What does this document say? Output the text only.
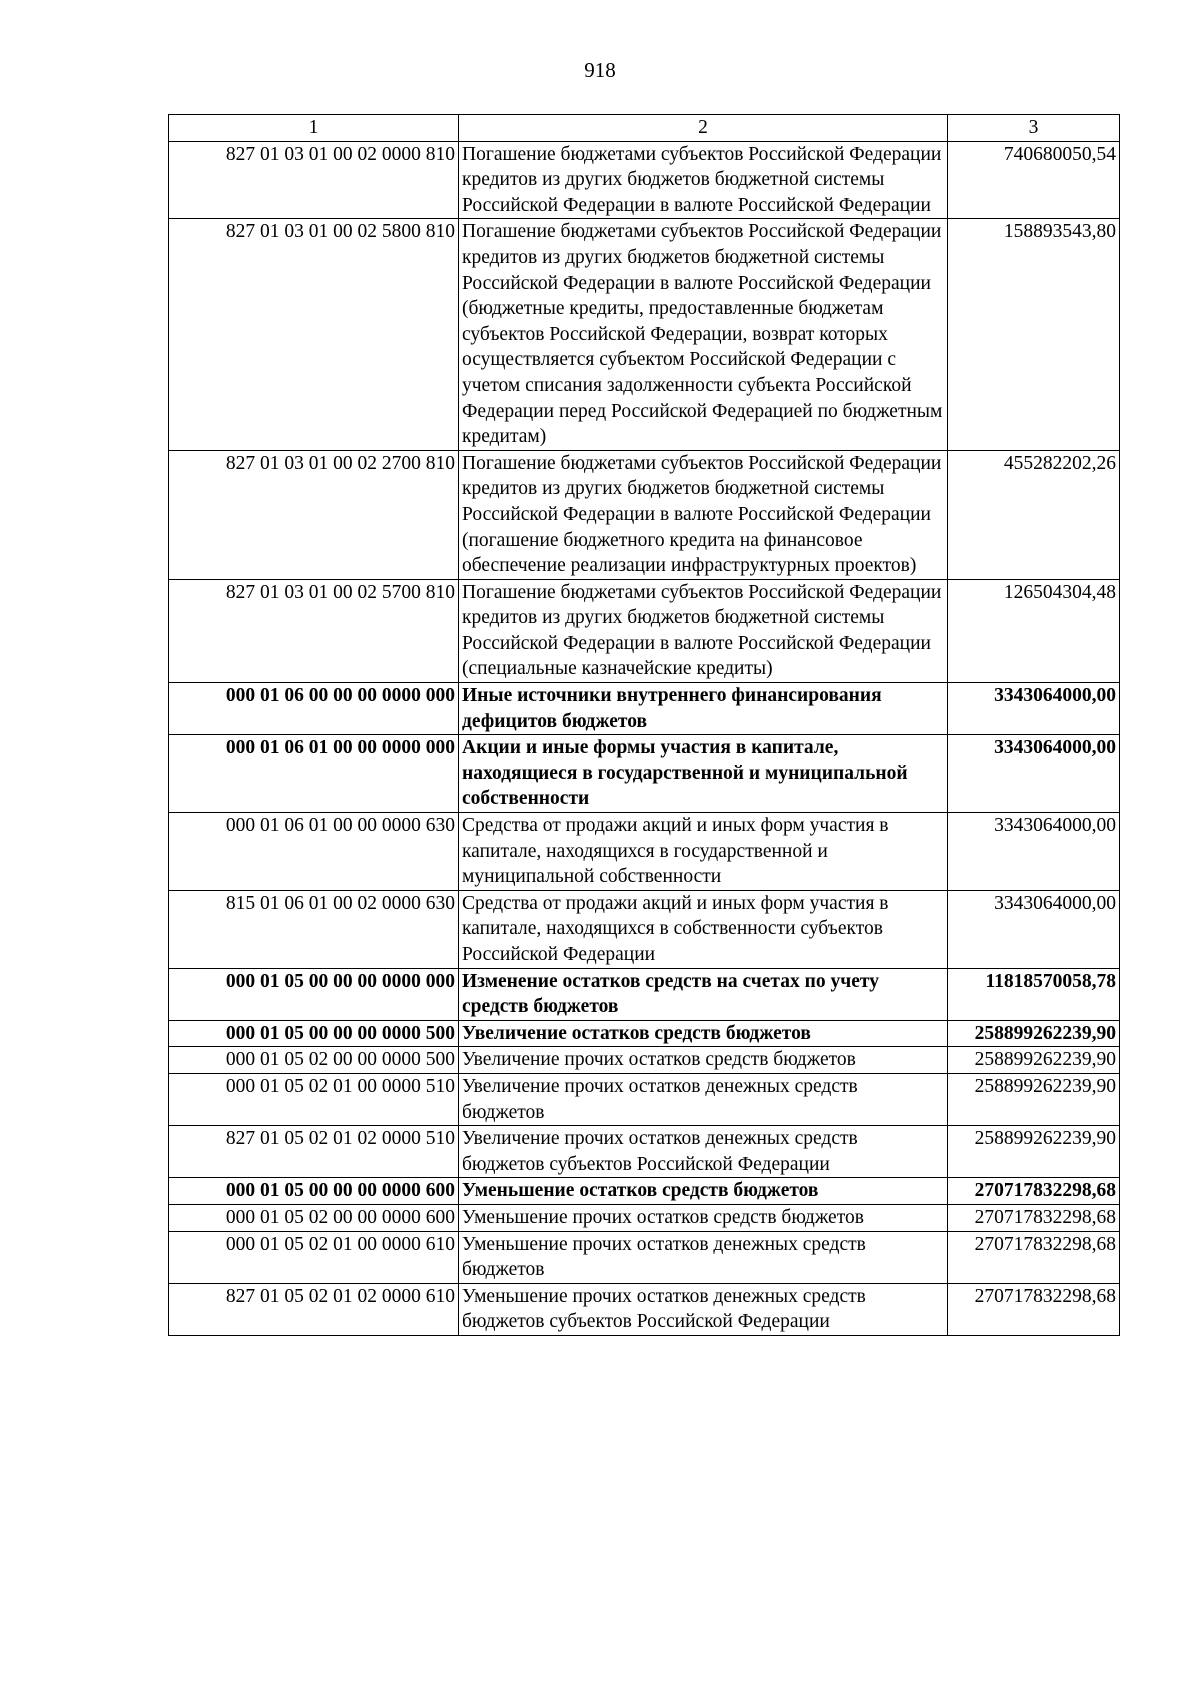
918
1	2	3
827 01 03 01 00 02 0000 810	Погашение бюджетами субъектов Российской Федерации кредитов из других бюджетов бюджетной системы Российской Федерации в валюте Российской Федерации	740680050,54
827 01 03 01 00 02 5800 810	Погашение бюджетами субъектов Российской Федерации кредитов из других бюджетов бюджетной системы Российской Федерации в валюте Российской Федерации (бюджетные кредиты, предоставленные бюджетам субъектов Российской Федерации, возврат которых осуществляется субъектом Российской Федерации с учетом списания задолженности субъекта Российской Федерации перед Российской Федерацией по бюджетным кредитам)	158893543,80
827 01 03 01 00 02 2700 810	Погашение бюджетами субъектов Российской Федерации кредитов из других бюджетов бюджетной системы Российской Федерации в валюте Российской Федерации (погашение бюджетного кредита на финансовое обеспечение реализации инфраструктурных проектов)	455282202,26
827 01 03 01 00 02 5700 810	Погашение бюджетами субъектов Российской Федерации кредитов из других бюджетов бюджетной системы Российской Федерации в валюте Российской Федерации (специальные казначейские кредиты)	126504304,48
000 01 06 00 00 00 0000 000	Иные источники внутреннего финансирования дефицитов бюджетов	3343064000,00
000 01 06 01 00 00 0000 000	Акции и иные формы участия в капитале, находящиеся в государственной и муниципальной собственности	3343064000,00
000 01 06 01 00 00 0000 630	Средства от продажи акций и иных форм участия в капитале, находящихся в государственной и муниципальной собственности	3343064000,00
815 01 06 01 00 02 0000 630	Средства от продажи акций и иных форм участия в капитале, находящихся в собственности субъектов Российской Федерации	3343064000,00
000 01 05 00 00 00 0000 000	Изменение остатков средств на счетах по учету средств бюджетов	11818570058,78
000 01 05 00 00 00 0000 500	Увеличение остатков средств бюджетов	258899262239,90
000 01 05 02 00 00 0000 500	Увеличение прочих остатков средств бюджетов	258899262239,90
000 01 05 02 01 00 0000 510	Увеличение прочих остатков денежных средств бюджетов	258899262239,90
827 01 05 02 01 02 0000 510	Увеличение прочих остатков денежных средств бюджетов субъектов Российской Федерации	258899262239,90
000 01 05 00 00 00 0000 600	Уменьшение остатков средств бюджетов	270717832298,68
000 01 05 02 00 00 0000 600	Уменьшение прочих остатков средств бюджетов	270717832298,68
000 01 05 02 01 00 0000 610	Уменьшение прочих остатков денежных средств бюджетов	270717832298,68
827 01 05 02 01 02 0000 610	Уменьшение прочих остатков денежных средств бюджетов субъектов Российской Федерации	270717832298,68
